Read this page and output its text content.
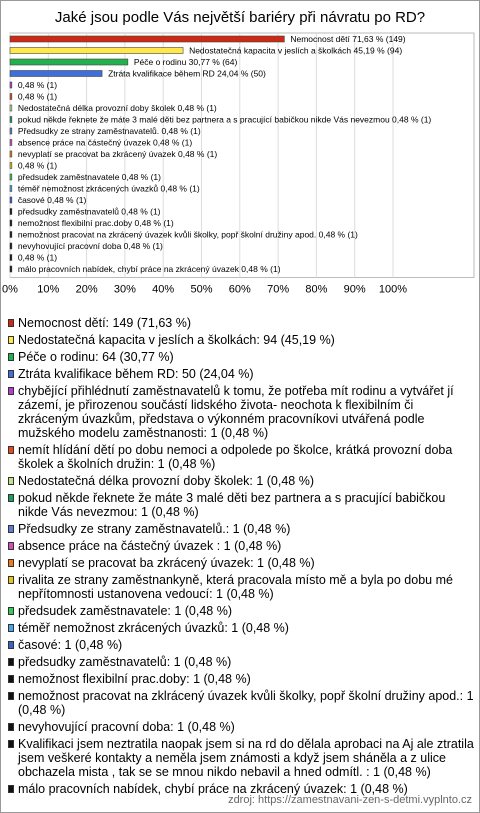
Jaké jsou podle Vás největší bariéry při návratu po RD?
0% 10% 20% 30% 40% 50% 60% 70% 80% 90% 100%
Nemocnost dětí 71,63 % (149)
Nedostatečná kapacita v jeslích a školkách 45,19 % (94)
Péče o rodinu 30,77 % (64)
Ztráta kvalifikace během RD 24,04 % (50)
0,48 % (1)
0,48 % (1)
Nedostatečná délka provozní doby školek 0,48 % (1)
pokud někde řeknete že máte 3 malé děti bez partnera a s pracující babičkou nikde Vás nevezmou 0,48 % (1)
Předsudky ze strany zaměstnavatelů. 0,48 % (1)
absence práce na částečný úvazek 0,48 % (1)
nevyplatí se pracovat ba zkrácený úvazek 0,48 % (1)
0,48 % (1)
předsudek zaměstnavatele 0,48 % (1)
téměř nemožnost zkrácených úvazků 0,48 % (1)
časové 0,48 % (1)
předsudky zaměstnavatelů 0,48 % (1)
nemožnost flexibilní prac.doby 0,48 % (1)
nemožnost pracovat na zkrácený úvazek kvůli školky, popř školní družiny apod. 0,48 % (1)
nevyhovující pracovní doba 0,48 % (1)
0,48 % (1)
málo pracovních nabídek, chybí práce na zkrácený úvazek 0,48 % (1)
Nemocnost dětí: 149 (71,63 %)
Nedostatečná kapacita v jeslích a školkách: 94 (45,19 %)
Péče o rodinu: 64 (30,77 %)
Ztráta kvalifikace během RD: 50 (24,04 %)
chybějící přihlédnutí zaměstnavatelů k tomu, že potřeba mít rodinu a vytvářet jí zázemí, je přirozenou součástí lidského života- neochota k flexibilním či zkráceným úvazkům, představa o výkonném pracovníkovi utvářená podle mužského modelu zaměstnanosti: 1 (0,48 %)
nemít hlídání dětí po dobu nemoci a odpolede po školce, krátká provozní doba školek a školních družin: 1 (0,48 %)
Nedostatečná délka provozní doby školek: 1 (0,48 %)
pokud někde řeknete že máte 3 malé děti bez partnera a s pracující babičkou nikde Vás nevezmou: 1 (0,48 %)
Předsudky ze strany zaměstnavatelů.: 1 (0,48 %)
absence práce na částečný úvazek : 1 (0,48 %)
nevyplatí se pracovat ba zkrácený úvazek: 1 (0,48 %)
rivalita ze strany zaměstnankyně, která pracovala místo mě a byla po dobu mé nepřítomnosti ustanovena vedoucí: 1 (0,48 %)
předsudek zaměstnavatele: 1 (0,48 %)
téměř nemožnost zkrácených úvazků: 1 (0,48 %)
časové: 1 (0,48 %)
předsudky zaměstnavatelů: 1 (0,48 %)
nemožnost flexibilní prac.doby: 1 (0,48 %)
nemožnost pracovat na zklrácený úvazek kvůli školky, popř školní družiny apod.: 1 (0,48 %)
nevyhovující pracovní doba: 1 (0,48 %)
Kvalifikaci jsem neztratila naopak jsem si na rd do dělala aprobaci na Aj ale ztratila jsem veškeré kontakty a neměla jsem známosti a když jsem sháněla a z ulice obchazela mista , tak se se mnou nikdo nebavil a hned odmítl. : 1 (0,48 %)
málo pracovních nabídek, chybí práce na zkrácený úvazek: 1 (0,48 %)
zdroj: https://zamestnavani-zen-s-detmi.vyplnto.cz
